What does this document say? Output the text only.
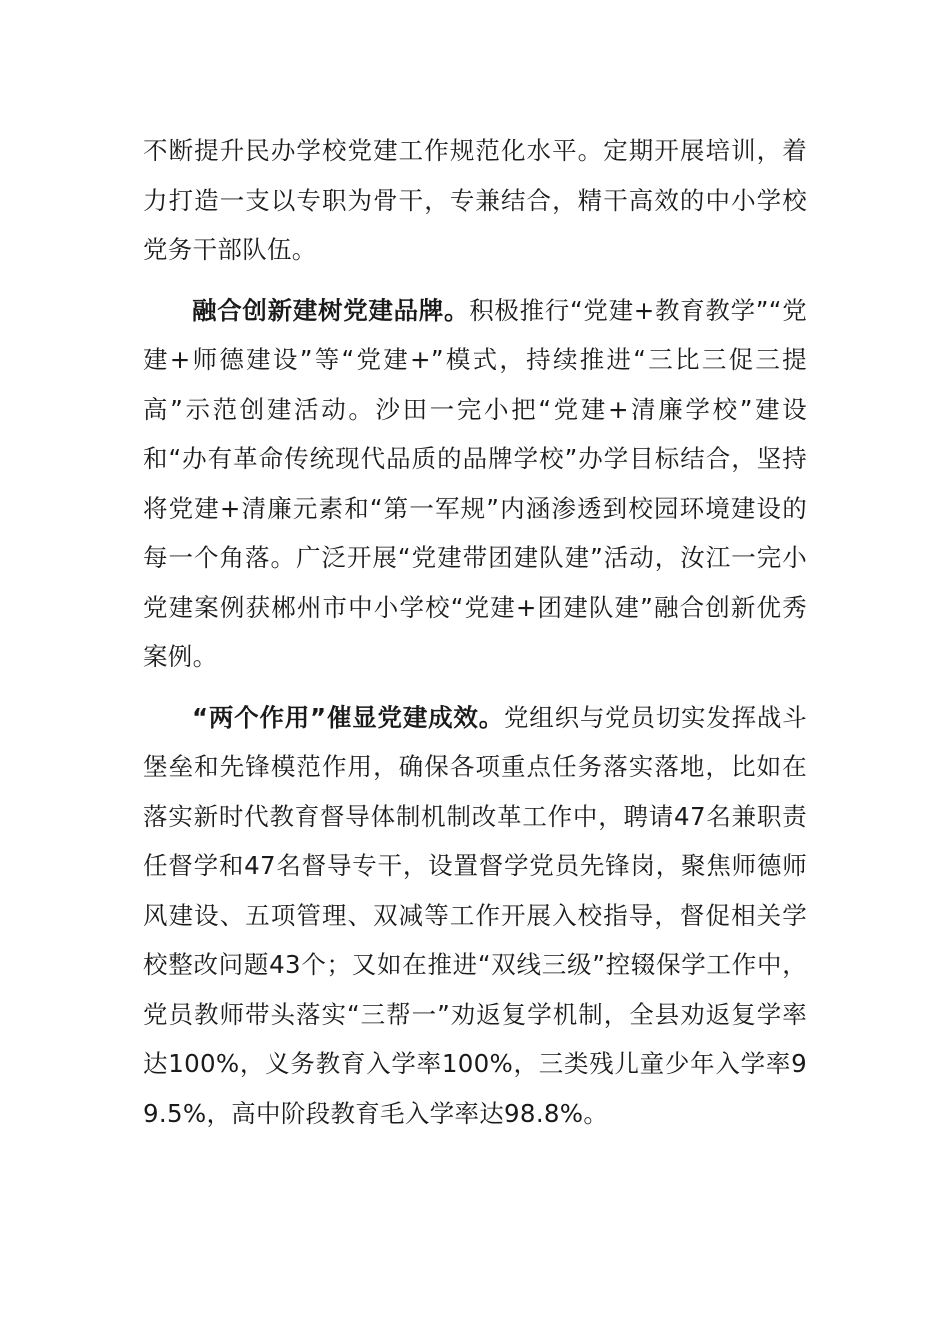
不断提升民办学校党建工作规范化水平。定期开展培训，着力打造一支以专职为骨干，专兼结合，精干高效的中小学校党务干部队伍。

融合创新建树党建品牌。积极推行“党建+教育教学”“党建+师德建设”等“党建+”模式，持续推进“三比三促三提高”示范创建活动。沙田一完小把“党建+清廉学校”建设和“办有革命传统现代品质的品牌学校”办学目标结合，坚持将党建+清廉元素和“第一军规”内涵渗透到校园环境建设的每一个角落。广泛开展“党建带团建队建”活动，汝江一完小党建案例获郴州市中小学校“党建+团建队建”融合创新优秀案例。

“两个作用”催显党建成效。党组织与党员切实发挥战斗堡垒和先锋模范作用，确保各项重点任务落实落地，比如在落实新时代教育督导体制机制改革工作中，聘请47名兼职责任督学和47名督导专干，设置督学党员先锋岗，聚焦师德师风建设、五项管理、双减等工作开展入校指导，督促相关学校整改问题43个；又如在推进“双线三级”控辍保学工作中，党员教师带头落实“三帮一”劝返复学机制，全县劝返复学率达100%，义务教育入学率100%，三类残儿童少年入学率99.5%，高中阶段教育毛入学率达98.8%。
